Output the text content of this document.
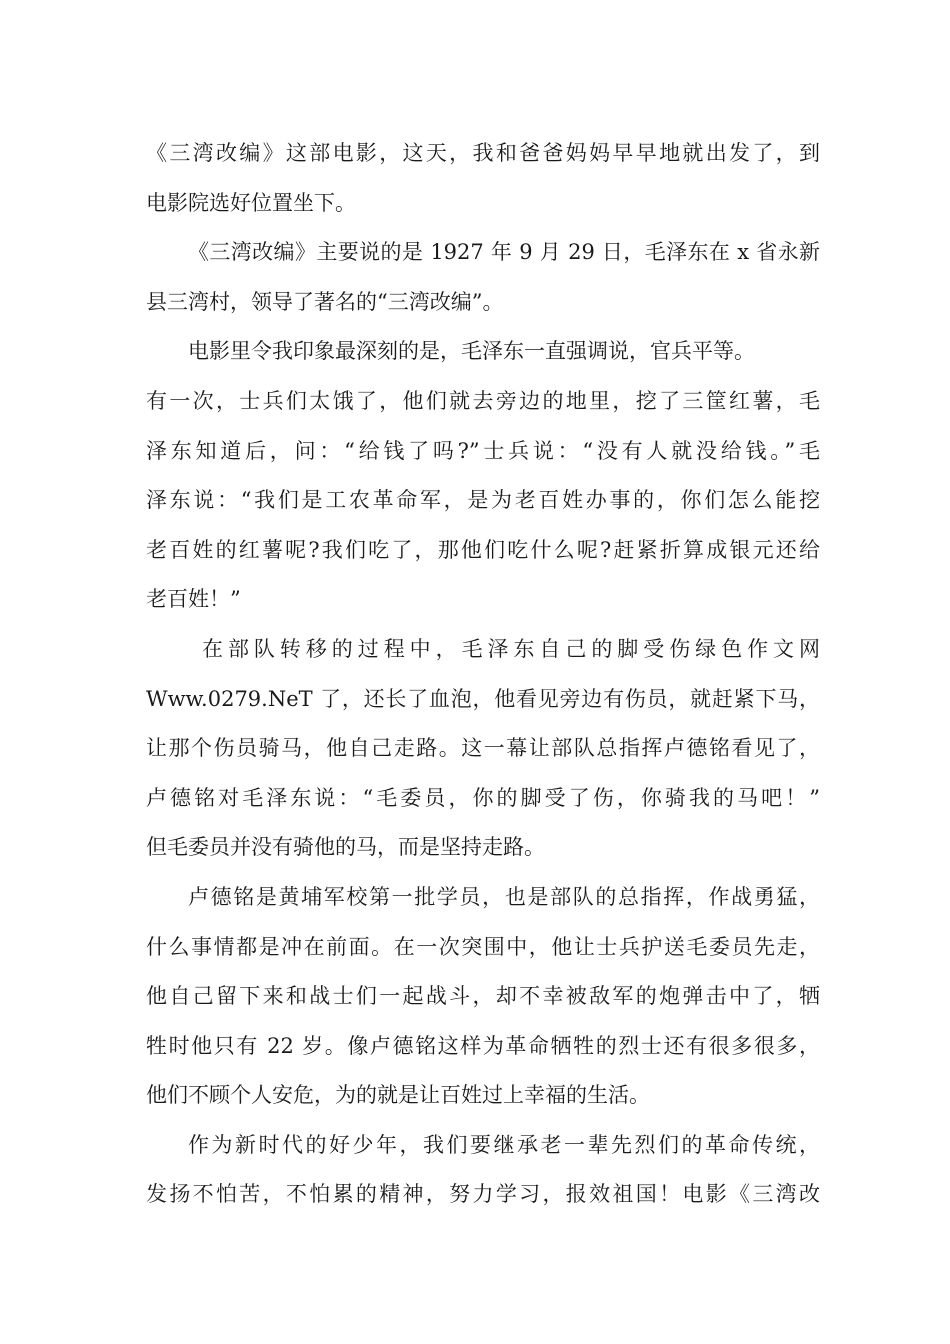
《三湾改编》这部电影，这天，我和爸爸妈妈早早地就出发了，到
电影院选好位置坐下。
《三湾改编》主要说的是 1927 年 9 月 29 日，毛泽东在 x 省永新
县三湾村，领导了著名的“三湾改编”。
电影里令我印象最深刻的是，毛泽东一直强调说，官兵平等。
有一次，士兵们太饿了，他们就去旁边的地里，挖了三筐红薯，毛
泽东知道后，问：“给钱了吗?”士兵说：“没有人就没给钱。”毛
泽东说：“我们是工农革命军，是为老百姓办事的，你们怎么能挖
老百姓的红薯呢?我们吃了，那他们吃什么呢?赶紧折算成银元还给
老百姓！”
在部队转移的过程中，毛泽东自己的脚受伤绿色作文网
Www.0279.NeT 了，还长了血泡，他看见旁边有伤员，就赶紧下马，
让那个伤员骑马，他自己走路。这一幕让部队总指挥卢德铭看见了，
卢德铭对毛泽东说：“毛委员，你的脚受了伤，你骑我的马吧！”
但毛委员并没有骑他的马，而是坚持走路。
卢德铭是黄埔军校第一批学员，也是部队的总指挥，作战勇猛，
什么事情都是冲在前面。在一次突围中，他让士兵护送毛委员先走，
他自己留下来和战士们一起战斗，却不幸被敌军的炮弹击中了，牺
牲时他只有 22 岁。像卢德铭这样为革命牺牲的烈士还有很多很多，
他们不顾个人安危，为的就是让百姓过上幸福的生活。
作为新时代的好少年，我们要继承老一辈先烈们的革命传统，
发扬不怕苦，不怕累的精神，努力学习，报效祖国！电影《三湾改
